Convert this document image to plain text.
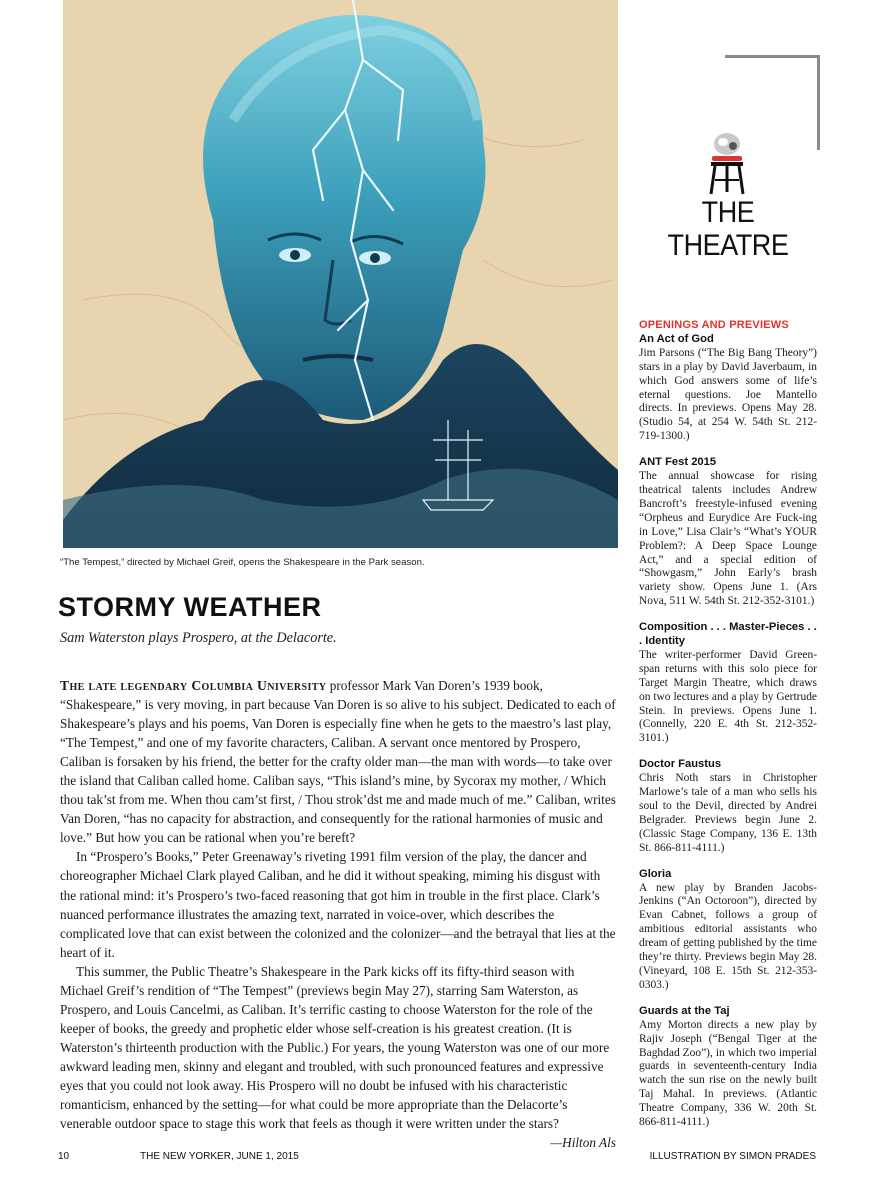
“The Tempest,” directed by Michael Greif, opens the Shakespeare in the Park season.
STORMY WEATHER
Sam Waterston plays Prospero, at the Delacorte.

The late legendary Columbia University professor Mark Van Doren’s 1939 book, “Shakespeare,” is very moving, in part because Van Doren is so alive to his subject. Dedicated to each of Shakespeare’s plays and his poems, Van Doren is especially fine when he gets to the maestro’s last play, “The Tempest,” and one of my favorite characters, Caliban. A servant once mentored by Prospero, Caliban is forsaken by his friend, the better for the crafty older man—the man with words—to take over the island that Caliban called home. Caliban says, “This island’s mine, by Sycorax my mother, / Which thou tak’st from me. When thou cam’st first, / Thou strok’dst me and made much of me.” Caliban, writes Van Doren, “has no capacity for abstraction, and consequently for the rational harmonies of music and love.” But how you can be rational when you’re bereft?

In “Prospero’s Books,” Peter Greenaway’s riveting 1991 film version of the play, the dancer and choreographer Michael Clark played Caliban, and he did it without speaking, miming his disgust with the rational mind: it’s Prospero’s two-faced reasoning that got him in trouble in the first place. Clark’s nuanced performance illustrates the amazing text, narrated in voice-over, which describes the complicated love that can exist between the colonized and the colonizer—and the betrayal that lies at the heart of it.

This summer, the Public Theatre’s Shakespeare in the Park kicks off its fifty-third season with Michael Greif’s rendition of “The Tempest” (previews begin May 27), starring Sam Waterston, as Prospero, and Louis Cancelmi, as Caliban. It’s terrific casting to choose Waterston for the role of the keeper of books, the greedy and prophetic elder whose self-creation is his greatest creation. (It is Waterston’s thirteenth production with the Public.) For years, the young Waterston was one of our more awkward leading men, skinny and elegant and troubled, with such pronounced features and expressive eyes that you could not look away. His Prospero will no doubt be infused with his characteristic romanticism, enhanced by the setting—for what could be more appropriate than the Delacorte’s venerable outdoor space to stage this work that feels as though it were written under the stars?

—Hilton Als
THE
THEATRE
OPENINGS AND PREVIEWS
An Act of God
Jim Parsons (“The Big Bang Theory”) stars in a play by David Javerbaum, in which God answers some of life’s eternal questions. Joe Mantello directs. In previews. Opens May 28. (Studio 54, at 254 W. 54th St. 212-719-1300.)
ANT Fest 2015
The annual showcase for rising theatrical talents includes Andrew Bancroft’s freestyle-infused evening “Orpheus and Eurydice Are Fuck-ing in Love,” Lisa Clair’s “What’s YOUR Problem?: A Deep Space Lounge Act,” and a special edition of “Showgasm,” John Early’s brash variety show. Opens June 1. (Ars Nova, 511 W. 54th St. 212-352-3101.)
Composition . . . Master-Pieces . . . Identity
The writer-performer David Green-span returns with this solo piece for Target Margin Theatre, which draws on two lectures and a play by Gertrude Stein. In previews. Opens June 1. (Connelly, 220 E. 4th St. 212-352-3101.)
Doctor Faustus
Chris Noth stars in Christopher Marlowe’s tale of a man who sells his soul to the Devil, directed by Andrei Belgrader. Previews begin June 2. (Classic Stage Company, 136 E. 13th St. 866-811-4111.)
Gloria
A new play by Branden Jacobs-Jenkins (“An Octoroon”), directed by Evan Cabnet, follows a group of ambitious editorial assistants who dream of getting published by the time they’re thirty. Previews begin May 28. (Vineyard, 108 E. 15th St. 212-353-0303.)
Guards at the Taj
Amy Morton directs a new play by Rajiv Joseph (“Bengal Tiger at the Baghdad Zoo”), in which two imperial guards in seventeenth-century India watch the sun rise on the newly built Taj Mahal. In previews. (Atlantic Theatre Company, 336 W. 20th St. 866-811-4111.)
10	THE NEW YORKER, JUNE 1, 2015	ILLUSTRATION BY SIMON PRADES
